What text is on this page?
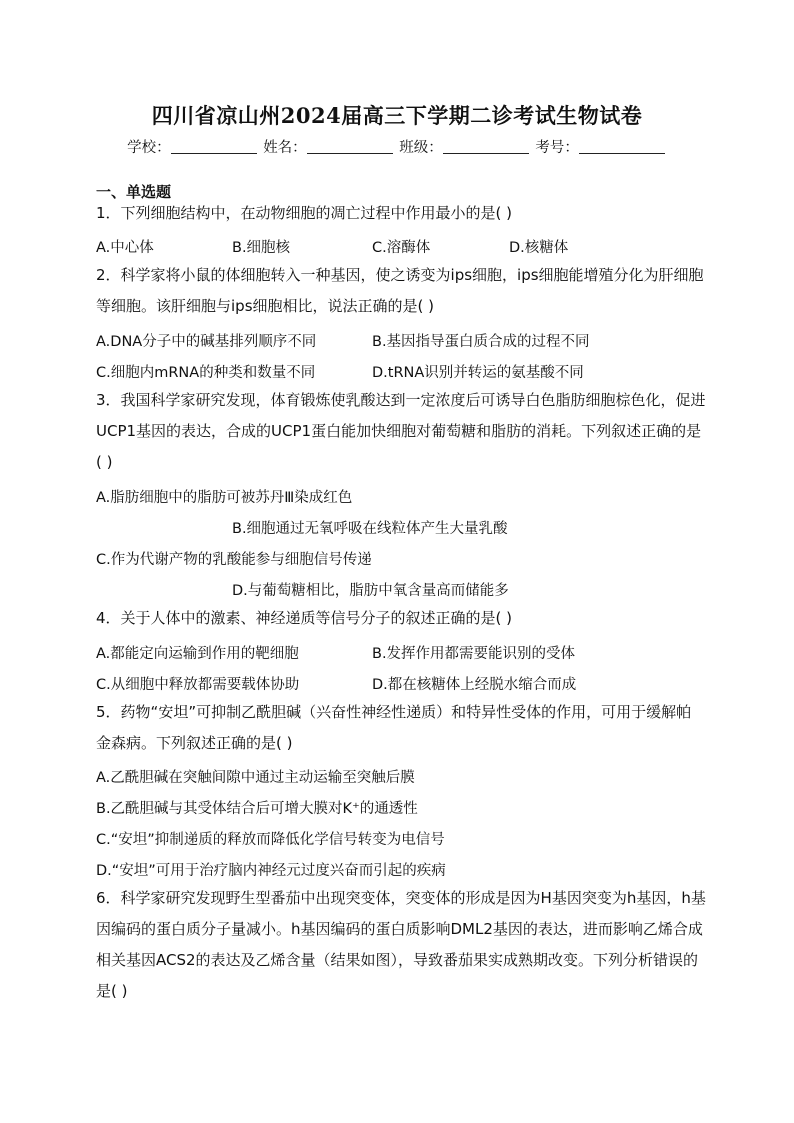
四川省凉山州2024届高三下学期二诊考试生物试卷
学校：	姓名：	班级：	考号：
一、单选题
1．下列细胞结构中，在动物细胞的凋亡过程中作用最小的是( )
A.中心体	B.细胞核	C.溶酶体	D.核糖体
2．科学家将小鼠的体细胞转入一种基因，使之诱变为ips细胞，ips细胞能增殖分化为肝细胞等细胞。该肝细胞与ips细胞相比，说法正确的是( )
A.DNA分子中的碱基排列顺序不同	B.基因指导蛋白质合成的过程不同
C.细胞内mRNA的种类和数量不同	D.tRNA识别并转运的氨基酸不同
3．我国科学家研究发现，体育锻炼使乳酸达到一定浓度后可诱导白色脂肪细胞棕色化，促进UCP1基因的表达，合成的UCP1蛋白能加快细胞对葡萄糖和脂肪的消耗。下列叙述正确的是( )
A.脂肪细胞中的脂肪可被苏丹Ⅲ染成红色
B.细胞通过无氧呼吸在线粒体产生大量乳酸
C.作为代谢产物的乳酸能参与细胞信号传递
D.与葡萄糖相比，脂肪中氧含量高而储能多
4．关于人体中的激素、神经递质等信号分子的叙述正确的是( )
A.都能定向运输到作用的靶细胞	B.发挥作用都需要能识别的受体
C.从细胞中释放都需要载体协助	D.都在核糖体上经脱水缩合而成
5．药物“安坦”可抑制乙酰胆碱（兴奋性神经性递质）和特异性受体的作用，可用于缓解帕金森病。下列叙述正确的是( )
A.乙酰胆碱在突触间隙中通过主动运输至突触后膜
B.乙酰胆碱与其受体结合后可增大膜对K⁺的通透性
C.“安坦”抑制递质的释放而降低化学信号转变为电信号
D.“安坦”可用于治疗脑内神经元过度兴奋而引起的疾病
6．科学家研究发现野生型番茄中出现突变体，突变体的形成是因为H基因突变为h基因，h基因编码的蛋白质分子量减小。h基因编码的蛋白质影响DML2基因的表达，进而影响乙烯合成相关基因ACS2的表达及乙烯含量（结果如图），导致番茄果实成熟期改变。下列分析错误的是( )
